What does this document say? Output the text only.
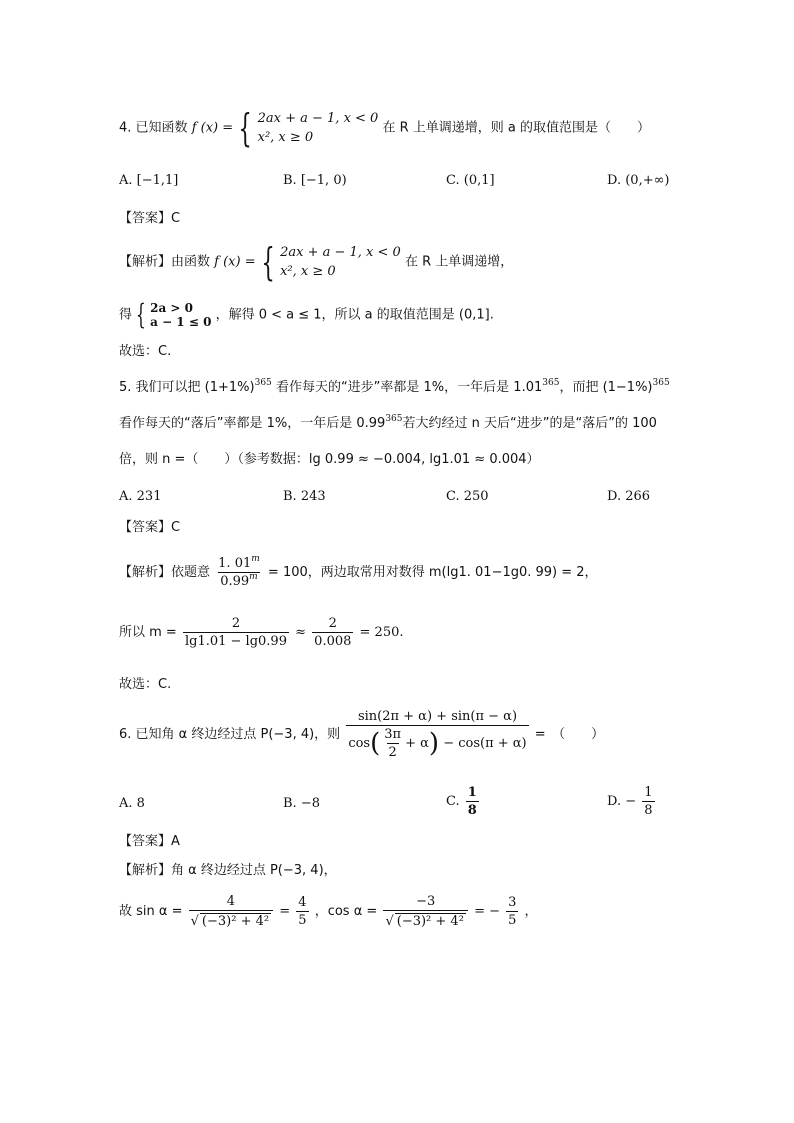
4. 已知函数 f (x) = { 2ax + a − 1, x < 0
x², x ≥ 0
在 R 上单调递增，则 a 的取值范围是（　　）
A. [−1,1]	B. [−1, 0)	C. (0,1]	D. (0,+∞)
【答案】C
【解析】由函数 f (x) = { 2ax + a − 1, x < 0
x², x ≥ 0
在 R 上单调递增，
得 { 2a > 0
a − 1 ≤ 0 ，解得 0 < a ≤ 1，所以 a 的取值范围是 (0,1].
故选：C.
5. 我们可以把 $(1+1\%)^{365}$ 看作每天的“进步”率都是 1%，一年后是 1.01$^{365}$，而把 $(1-1\%)^{365}$
看作每天的“落后”率都是 1%，一年后是 0.99$^{365}$若大约经过 n 天后“进步”的是“落后”的 100
倍，则 n =（　　）（参考数据：lg 0.99 ≈ −0.004, lg1.01 ≈ 0.004）
A. 231	B. 243	C. 250	D. 266
【答案】C
【解析】依题意 $\frac{1. 01^m}{0.99^m} = 100$，两边取常用对数得 m(lg1. 01−1g0. 99) = 2，
所以 $m = \frac{2}{\lg 1.01 - \lg 0.99} \approx \frac{2}{0.008} = 250$.
故选：C.
6. 已知角 α 终边经过点 P(−3, 4)，则 $\frac{\sin(2\pi + \alpha) + \sin(\pi - \alpha)}{\cos( \frac{3\pi}{2} + \alpha) - \cos(\pi + \alpha)}$ =　（　　）
A. 8	B. −8	C. $\frac{1}{8}$	D. − $\frac{1}{8}$
【答案】A
【解析】角 α 终边经过点 P(−3, 4)，
故 $\sin \alpha = \frac{4}{\text{√ (−3)² + 4²}} = \frac{4}{5}$ ，$\cos \alpha = \frac{-3}{\text{√ (−3)² + 4²}}$ = − $\frac{3}{5}$ ，
